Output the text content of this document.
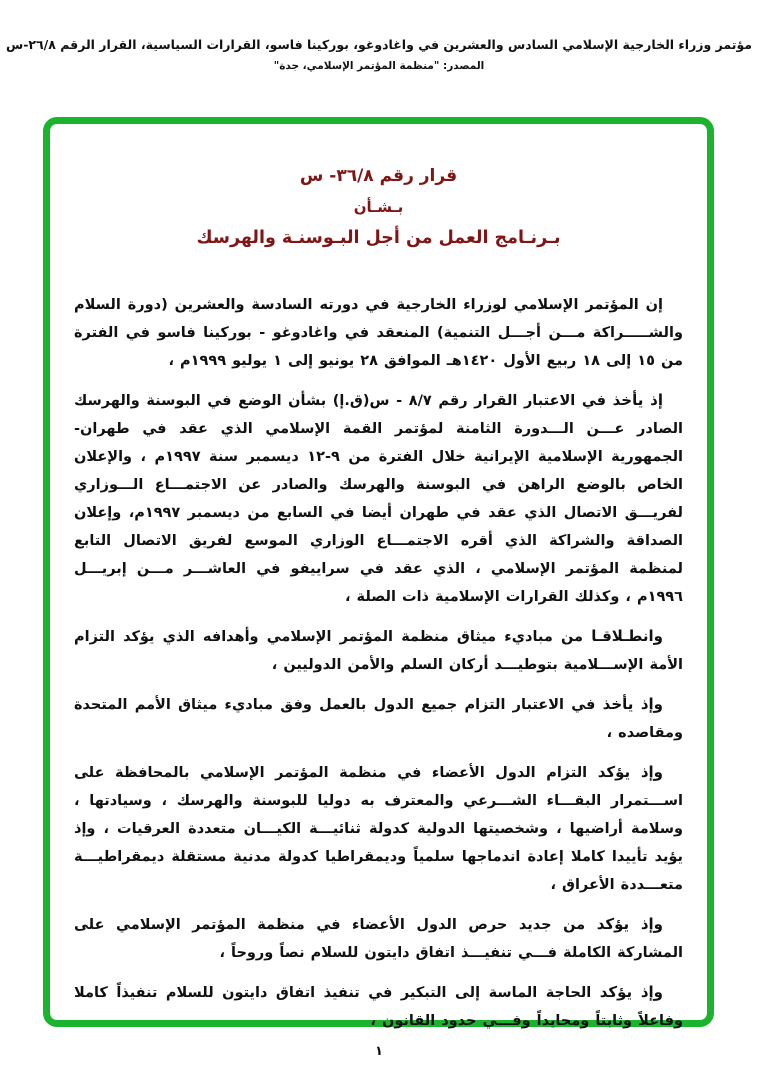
مؤتمر وزراء الخارجية الإسلامي السادس والعشرين في واغادوغو، بوركينا فاسو، القرارات السياسية، القرار الرقم ٢٦/٨-س
المصدر: "منظمة المؤتمر الإسلامي، جدة"
قرار رقم ٣٦/٨- س
بـشـأن
بـرنـامج العمل من أجل البـوسنـة والهرسك

إن المؤتمر الإسلامي لوزراء الخارجية في دورته السادسة والعشرين (دورة السلام والشـــــراكة مـــن أجـــل التنمية) المنعقد في واغادوغو - بوركينا فاسو في الفترة من ١٥ إلى ١٨ ربيع الأول ١٤٢٠هـ الموافق ٢٨ يونيو إلى ١ يوليو ١٩٩٩م ،

إذ يأخذ في الاعتبار القرار رقم ٨/٧ - س(ق.إ) بشأن الوضع في البوسنة والهرسك الصادر عـــن الـــدورة الثامنة لمؤتمر القمة الإسلامي الذي عقد في طهران- الجمهورية الإسلامية الإيرانية خلال الفترة من ٩-١٢ ديسمبر سنة ١٩٩٧م ، والإعلان الخاص بالوضع الراهن في البوسنة والهرسك والصادر عن الاجتمـــاع الـــوزاري لفريـــق الاتصال الذي عقد في طهران أيضا في السابع من ديسمبر ١٩٩٧م، وإعلان الصداقة والشراكة الذي أقره الاجتمـــاع الوزاري الموسع لفريق الاتصال التابع لمنظمة المؤتمر الإسلامي ، الذي عقد في سراييفو في العاشـــر مـــن إبريـــل ١٩٩٦م ، وكذلك القرارات الإسلامية ذات الصلة ،

وانطـلاقـا من مباديء ميثاق منظمة المؤتمر الإسلامي وأهدافه الذي يؤكد التزام الأمة الإســـلامية بتوطيـــد أركان السلم والأمن الدوليين ،

وإذ يأخذ في الاعتبار التزام جميع الدول بالعمل وفق مباديء ميثاق الأمم المتحدة ومقاصده ،

وإذ يؤكد التزام الدول الأعضاء في منظمة المؤتمر الإسلامي بالمحافظة على اســـتمرار البقـــاء الشـــرعي والمعترف به دوليا للبوسنة والهرسك ، وسيادتها ، وسلامة أراضيها ، وشخصيتها الدولية كدولة ثنائيـــة الكيـــان متعددة العرقيات ، وإذ يؤيد تأييدا كاملا إعادة اندماجها سلمياً وديمقراطيا كدولة مدنية مستقلة ديمقراطيـــة متعـــددة الأعراق ،

وإذ يؤكد من جديد حرص الدول الأعضاء في منظمة المؤتمر الإسلامي على المشاركة الكاملة فـــي تنفيـــذ اتفاق دايتون للسلام نصاً وروحاً ،

وإذ يؤكد الحاجة الماسة إلى التبكير في تنفيذ اتفاق دايتون للسلام تنفيذاً كاملا وفاعلاً وثابتاً ومحايداً وفـــي حدود القانون ،

١
